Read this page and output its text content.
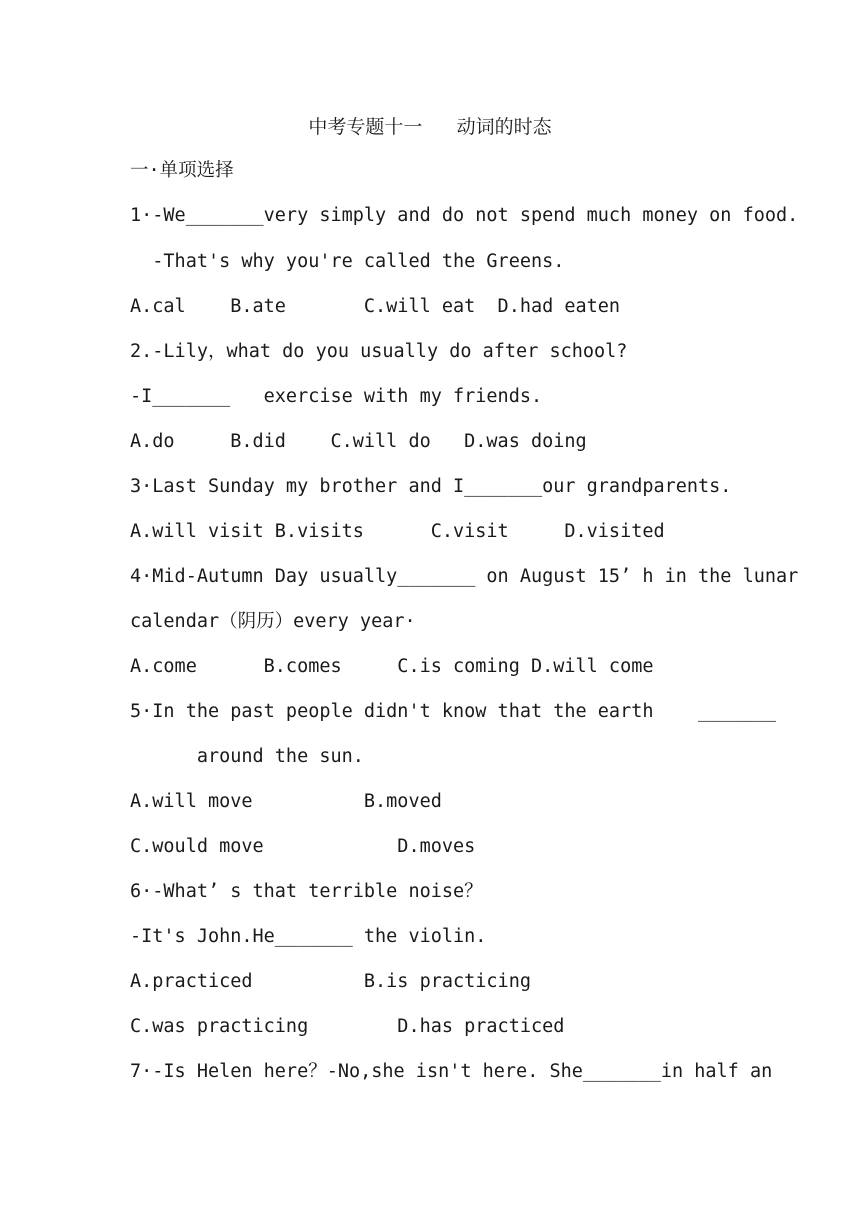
中考专题十一   动词的时态
一·单项选择
1·-We_______very simply and do not spend much money on food.
-That's why you're called the Greens.
A.cal    B.ate       C.will eat  D.had eaten
2.-Lily，what do you usually do after school?
-I_______   exercise with my friends.
A.do     B.did    C.will do   D.was doing
3·Last Sunday my brother and I_______our grandparents.
A.will visit B.visits      C.visit     D.visited
4·Mid-Autumn Day usually_______ on August 15’ h in the lunar
calendar（阴历）every year·
A.come      B.comes     C.is coming D.will come
5·In the past people didn't know that the earth    _______
around the sun.
A.will move          B.moved
C.would move            D.moves
6·-What’ s that terrible noise？
-It's John.He_______ the violin.
A.practiced          B.is practicing
C.was practicing        D.has practiced
7·-Is Helen here？-No,she isn't here. She_______in half an
